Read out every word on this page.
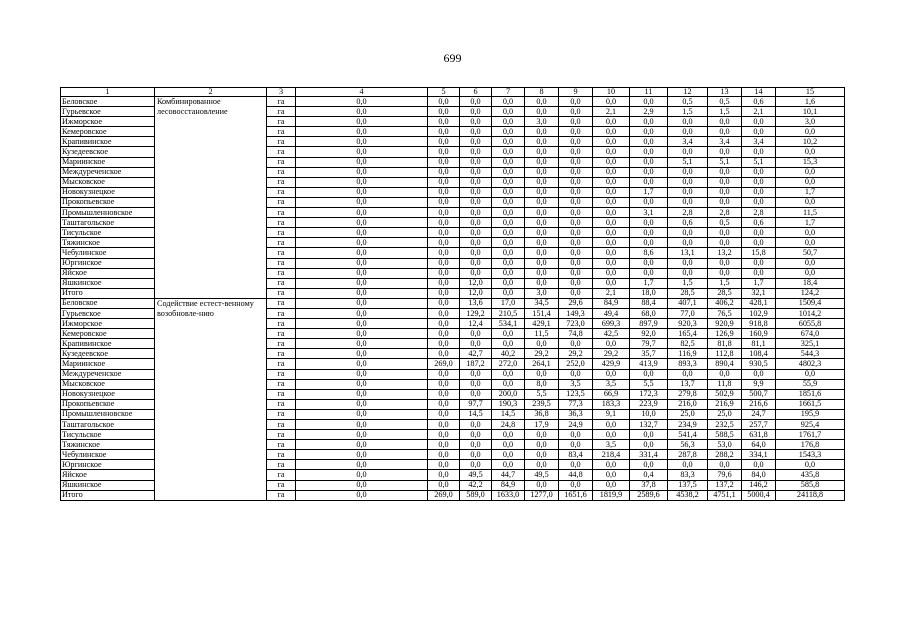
699
1	2	3	4	5	6	7	8	9	10	11	12	13	14	15
Беловское	Комбинированное лесовосстановление	га	0,0	0,0	0,0	0,0	0,0	0,0	0,0	0,0	0,5	0,5	0,6	1,6
Гурьевское		га	0,0	0,0	0,0	0,0	0,0	0,0	2,1	2,9	1,5	1,5	2,1	10,1
Ижморское		га	0,0	0,0	0,0	0,0	3,0	0,0	0,0	0,0	0,0	0,0	0,0	3,0
Кемеровское		га	0,0	0,0	0,0	0,0	0,0	0,0	0,0	0,0	0,0	0,0	0,0	0,0
Крапивинское		га	0,0	0,0	0,0	0,0	0,0	0,0	0,0	0,0	3,4	3,4	3,4	10,2
Кузедеевское		га	0,0	0,0	0,0	0,0	0,0	0,0	0,0	0,0	0,0	0,0	0,0	0,0
Мариинское		га	0,0	0,0	0,0	0,0	0,0	0,0	0,0	0,0	5,1	5,1	5,1	15,3
Междуреченское		га	0,0	0,0	0,0	0,0	0,0	0,0	0,0	0,0	0,0	0,0	0,0	0,0
Мысковское		га	0,0	0,0	0,0	0,0	0,0	0,0	0,0	0,0	0,0	0,0	0,0	0,0
Новокузнецкое		га	0,0	0,0	0,0	0,0	0,0	0,0	0,0	1,7	0,0	0,0	0,0	1,7
Прокопьевское		га	0,0	0,0	0,0	0,0	0,0	0,0	0,0	0,0	0,0	0,0	0,0	0,0
Промышленновское		га	0,0	0,0	0,0	0,0	0,0	0,0	0,0	3,1	2,8	2,8	2,8	11,5
Таштагольское		га	0,0	0,0	0,0	0,0	0,0	0,0	0,0	0,0	0,6	0,5	0,6	1,7
Тисульское		га	0,0	0,0	0,0	0,0	0,0	0,0	0,0	0,0	0,0	0,0	0,0	0,0
Тяжинское		га	0,0	0,0	0,0	0,0	0,0	0,0	0,0	0,0	0,0	0,0	0,0	0,0
Чебулинское		га	0,0	0,0	0,0	0,0	0,0	0,0	0,0	8,6	13,1	13,2	15,8	50,7
Юргинское		га	0,0	0,0	0,0	0,0	0,0	0,0	0,0	0,0	0,0	0,0	0,0	0,0
Яйское		га	0,0	0,0	0,0	0,0	0,0	0,0	0,0	0,0	0,0	0,0	0,0	0,0
Яшкинское		га	0,0	0,0	12,0	0,0	0,0	0,0	0,0	1,7	1,5	1,5	1,7	18,4
Итого		га	0,0	0,0	12,0	0,0	3,0	0,0	2,1	18,0	28,5	28,5	32,1	124,2
Беловское	Содействие естест-венному возобновле-нию	га	0,0	0,0	13,6	17,0	34,5	29,6	84,9	88,4	407,1	406,2	428,1	1509,4
Гурьевское		га	0,0	0,0	129,2	210,5	151,4	149,3	49,4	68,0	77,0	76,5	102,9	1014,2
Ижморское		га	0,0	0,0	12,4	534,1	429,1	723,0	699,3	897,9	920,3	920,9	918,8	6055,8
Кемеровское		га	0,0	0,0	0,0	0,0	11,5	74,8	42,5	92,0	165,4	126,9	160,9	674,0
Крапивинское		га	0,0	0,0	0,0	0,0	0,0	0,0	0,0	79,7	82,5	81,8	81,1	325,1
Кузедеевское		га	0,0	0,0	42,7	40,2	29,2	29,2	29,2	35,7	116,9	112,8	108,4	544,3
Мариинское		га	0,0	269,0	187,2	272,0	264,1	252,0	429,9	413,9	893,3	890,4	930,5	4802,3
Междуреченское		га	0,0	0,0	0,0	0,0	0,0	0,0	0,0	0,0	0,0	0,0	0,0	0,0
Мысковское		га	0,0	0,0	0,0	0,0	8,0	3,5	3,5	5,5	13,7	11,8	9,9	55,9
Новокузнецкое		га	0,0	0,0	0,0	200,0	5,5	123,5	66,9	172,3	279,8	502,9	500,7	1851,6
Прокопьевское		га	0,0	0,0	97,7	190,3	239,5	77,3	183,3	223,9	216,0	216,9	216,6	1661,5
Промышленновское		га	0,0	0,0	14,5	14,5	36,8	36,3	9,1	10,0	25,0	25,0	24,7	195,9
Таштагольское		га	0,0	0,0	0,0	24,8	17,9	24,9	0,0	132,7	234,9	232,5	257,7	925,4
Тисульское		га	0,0	0,0	0,0	0,0	0,0	0,0	0,0	0,0	541,4	588,5	631,8	1761,7
Тяжинское		га	0,0	0,0	0,0	0,0	0,0	0,0	3,5	0,0	56,3	53,0	64,0	176,8
Чебулинское		га	0,0	0,0	0,0	0,0	0,0	83,4	218,4	331,4	287,8	288,2	334,1	1543,3
Юргинское		га	0,0	0,0	0,0	0,0	0,0	0,0	0,0	0,0	0,0	0,0	0,0	0,0
Яйское		га	0,0	0,0	49,5	44,7	49,5	44,8	0,0	0,4	83,3	79,6	84,0	435,8
Яшкинское		га	0,0	0,0	42,2	84,9	0,0	0,0	0,0	37,8	137,5	137,2	146,2	585,8
Итого		га	0,0	269,0	589,0	1633,0	1277,0	1651,6	1819,9	2589,6	4538,2	4751,1	5000,4	24118,8
